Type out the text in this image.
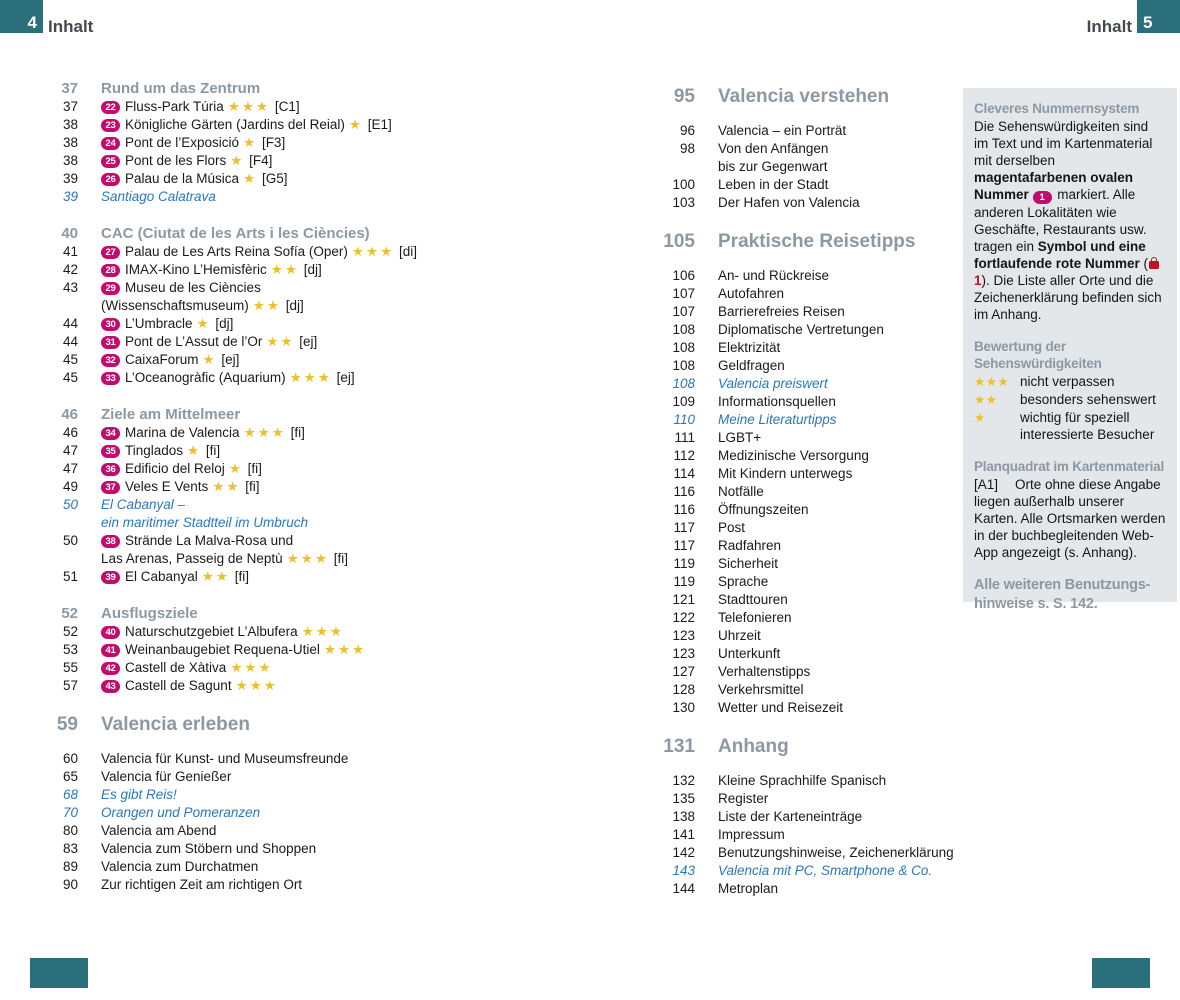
4 Inhalt	Inhalt 5
37 Rund um das Zentrum
37	22 Fluss-Park Túria ★★★ [C1]
38	23 Königliche Gärten (Jardins del Reial) ★ [E1]
38	24 Pont de l’Exposició ★ [F3]
38	25 Pont de les Flors ★ [F4]
39	26 Palau de la Música ★ [G5]
39 Santiago Calatrava
40 CAC (Ciutat de les Arts i les Ciències)
41	27 Palau de Les Arts Reina Sofía (Oper) ★★★ [di]
42	28 IMAX-Kino L’Hemisfèric ★★ [dj]
43	29 Museu de les Ciències
(Wissenschaftsmuseum) ★★ [dj]
44	30 L’Umbracle ★ [dj]
44	31 Pont de L’Assut de l’Or ★★ [ej]
45	32 CaixaForum ★ [ej]
45	33 L’Oceanogràfic (Aquarium) ★★★ [ej]
46 Ziele am Mittelmeer
46	34 Marina de Valencia ★★★ [fi]
47	35 Tinglados ★ [fi]
47	36 Edificio del Reloj ★ [fi]
49	37 Veles E Vents ★★ [fi]
50 El Cabanyal –
ein maritimer Stadtteil im Umbruch
50	38 Strände La Malva-Rosa und
Las Arenas, Passeig de Neptù ★★★ [fi]
51	39 El Cabanyal ★★ [fi]
52 Ausflugsziele
52	40 Naturschutzgebiet L’Albufera ★★★
53	41 Weinanbaugebiet Requena-Utiel ★★★
55	42 Castell de Xàtiva ★★★
57	43 Castell de Sagunt ★★★
59 Valencia erleben
60 Valencia für Kunst- und Museumsfreunde
65 Valencia für Genießer
68 Es gibt Reis!
70 Orangen und Pomeranzen
80 Valencia am Abend
83 Valencia zum Stöbern und Shoppen
89 Valencia zum Durchatmen
90 Zur richtigen Zeit am richtigen Ort
95 Valencia verstehen
96 Valencia – ein Porträt
98 Von den Anfängen
bis zur Gegenwart
100 Leben in der Stadt
103 Der Hafen von Valencia
105 Praktische Reisetipps
106 An- und Rückreise
107 Autofahren
107 Barrierefreies Reisen
108 Diplomatische Vertretungen
108 Elektrizität
108 Geldfragen
108 Valencia preiswert
109 Informationsquellen
110 Meine Literaturtipps
111 LGBT+
112 Medizinische Versorgung
114 Mit Kindern unterwegs
116 Notfälle
116 Öffnungszeiten
117 Post
117 Radfahren
119 Sicherheit
119 Sprache
121 Stadttouren
122 Telefonieren
123 Uhrzeit
123 Unterkunft
127 Verhaltenstipps
128 Verkehrsmittel
130 Wetter und Reisezeit
131 Anhang
132 Kleine Sprachhilfe Spanisch
135 Register
138 Liste der Karteneinträge
141 Impressum
142 Benutzungshinweise, Zeichenerklärung
143 Valencia mit PC, Smartphone & Co.
144 Metroplan
Cleveres Nummernsystem

Die Sehenswürdigkeiten sind im Text und im Kartenmaterial mit derselben magentafarbenen ovalen Nummer 1 markiert. Alle anderen Lokalitäten wie Geschäfte, Restaurants usw. tragen ein Symbol und eine fortlaufende rote Nummer (1). Die Liste aller Orte und die Zeichenerklärung befinden sich im Anhang.

Bewertung der Sehenswürdigkeiten
★★★ nicht verpassen
★★	besonders sehenswert
★	wichtig für speziell interessierte Besucher
Planquadrat im Kartenmaterial

[A1] Orte ohne diese Angabe liegen außerhalb unserer Karten. Alle Ortsmarken werden in der buchbegleitenden Web-App angezeigt (s. Anhang).

Alle weiteren Benutzungs-
hinweise s. S. 142.
